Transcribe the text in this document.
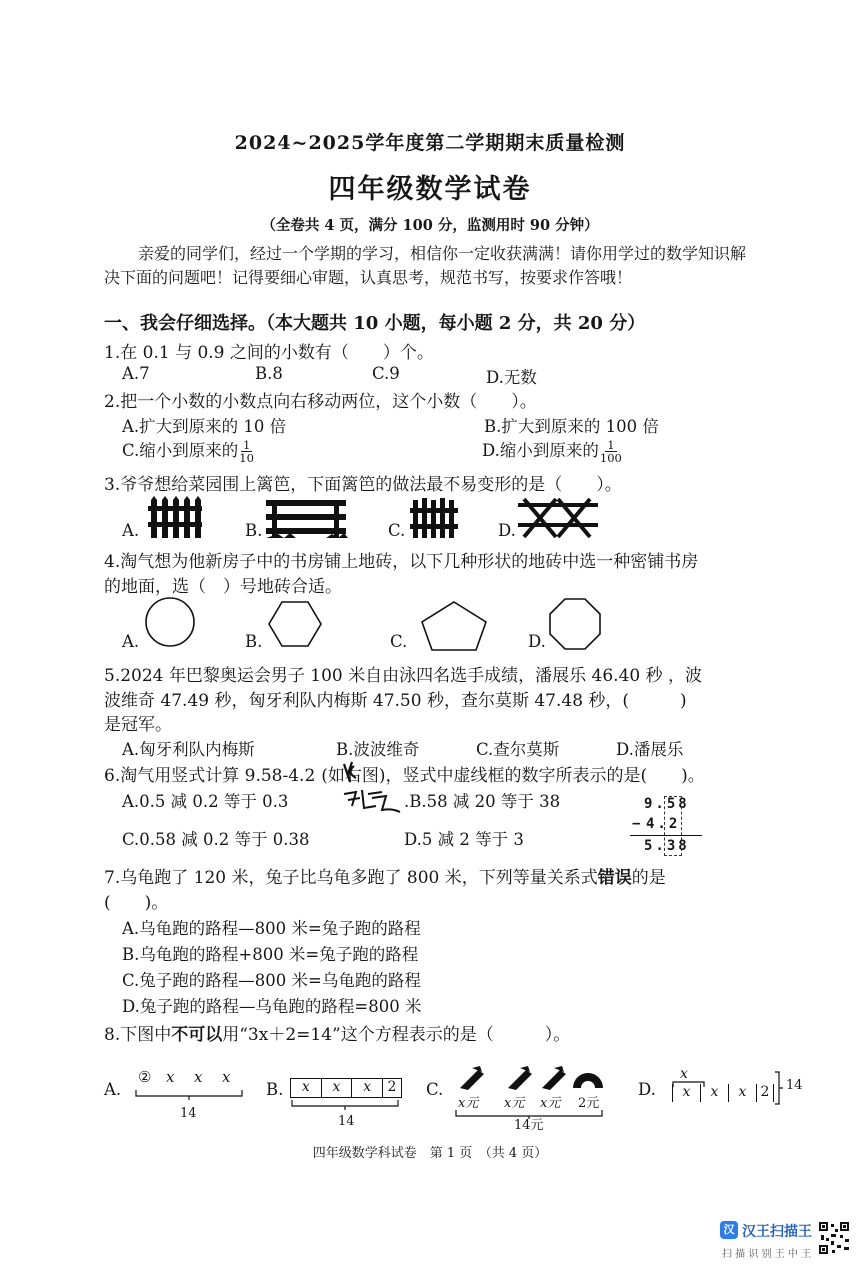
2024~2025学年度第二学期期末质量检测
四年级数学试卷
（全卷共 4 页，满分 100 分，监测用时 90 分钟）
亲爱的同学们，经过一个学期的学习，相信你一定收获满满！请你用学过的数学知识解
决下面的问题吧！记得要细心审题，认真思考，规范书写，按要求作答哦！
一、我会仔细选择。（本大题共 10 小题，每小题 2 分，共 20 分）
1.在 0.1 与 0.9 之间的小数有（　　）个。
A.7	B.8	C.9	D.无数
2.把一个小数的小数点向右移动两位，这个小数（　　）。
A.扩大到原来的 10 倍	B.扩大到原来的 100 倍
C.缩小到原来的 $\frac{1}{10}$	D.缩小到原来的 $\frac{1}{100}$
3.爷爷想给菜园围上篱笆，下面篱笆的做法最不易变形的是（　　）。
A.	B.	C.	D.
4.淘气想为他新房子中的书房铺上地砖，以下几种形状的地砖中选一种密铺书房
的地面，选（　）号地砖合适。
A.	B.	C.	D.
5.2024 年巴黎奥运会男子 100 米自由泳四名选手成绩，潘展乐 46.40 秒 ，波
波维奇 47.49 秒，匈牙利队内梅斯 47.50 秒，查尔莫斯 47.48 秒，(　　　)
是冠军。
A.匈牙利队内梅斯	B.波波维奇	C.查尔莫斯	D.潘展乐
6.淘气用竖式计算 9.58-4.2 (如右图)，竖式中虚线框的数字所表示的是(　　)。
A.0.5 减 0.2 等于 0.3	.B.58 减 20 等于 38
C.0.58 减 0.2 等于 0.38	D.5 减 2 等于 3
9.58
− 4.2
5.38
7.乌龟跑了 120 米，兔子比乌龟多跑了 800 米，下列等量关系式错误的是
(　　)。
A.乌龟跑的路程—800 米=兔子跑的路程
B.乌龟跑的路程+800 米=兔子跑的路程
C.兔子跑的路程—800 米=乌龟跑的路程
D.兔子跑的路程—乌龟跑的路程=800 米
8.下图中不可以用“3x＋2=14”这个方程表示的是（　　　）。
A.	B.	C.	D.
② x x x
14
x	x	x	2
14
x元 x元 x元 2元
14元
x
x	x	x	2 14
四年级数学科试卷　第 1 页　（共 4 页）
汉 汉王扫描王
扫 描 识 别 王 中 王
